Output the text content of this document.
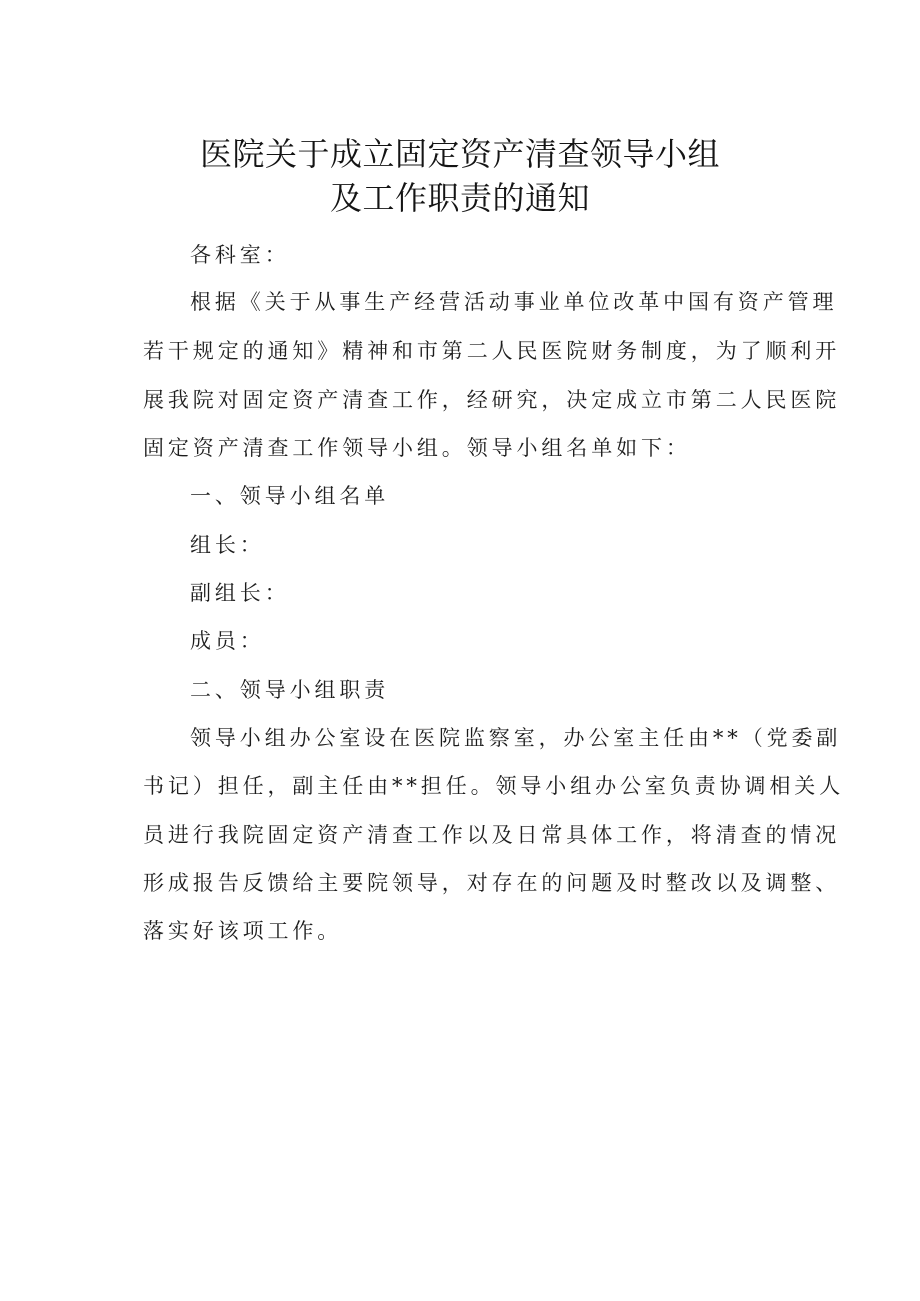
医院关于成立固定资产清查领导小组
及工作职责的通知
各科室：
根据《关于从事生产经营活动事业单位改革中国有资产管理
若干规定的通知》精神和市第二人民医院财务制度，为了顺利开
展我院对固定资产清查工作，经研究，决定成立市第二人民医院
固定资产清查工作领导小组。领导小组名单如下：
一、领导小组名单
组长：
副组长：
成员：
二、领导小组职责
领导小组办公室设在医院监察室，办公室主任由**（党委副
书记）担任，副主任由**担任。领导小组办公室负责协调相关人
员进行我院固定资产清查工作以及日常具体工作，将清查的情况
形成报告反馈给主要院领导，对存在的问题及时整改以及调整、
落实好该项工作。
